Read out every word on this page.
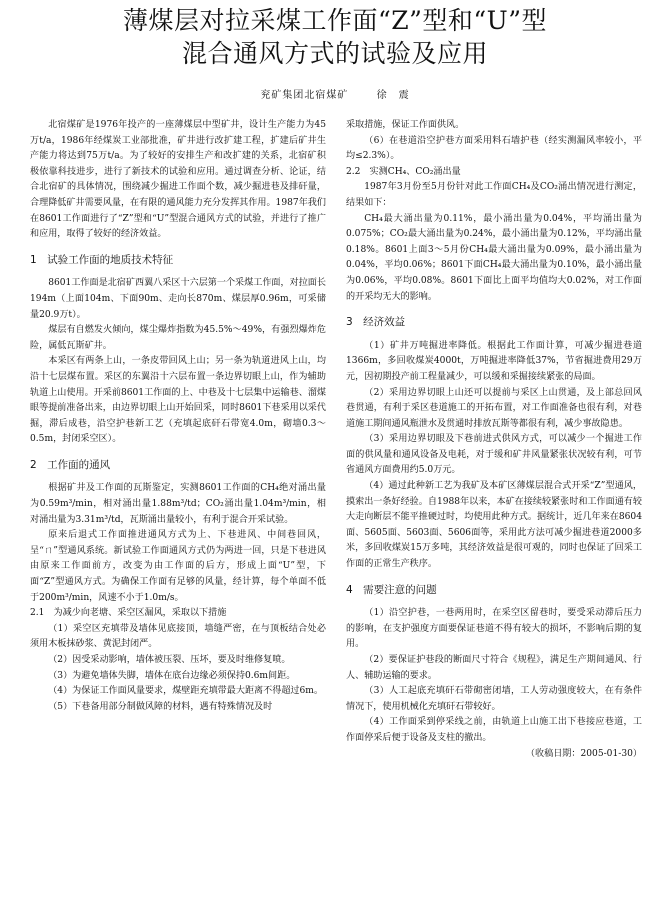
薄煤层对拉采煤工作面“Z”型和“U”型
混合通风方式的试验及应用
兖矿集团北宿煤矿	徐　震

北宿煤矿是1976年投产的一座薄煤层中型矿井，设计生产能力为45万t/a，1986年经煤炭工业部批准，矿井进行改扩建工程，扩建后矿井生产能力将达到75万t/a。为了较好的安排生产和改扩建的关系，北宿矿积极依靠科技进步，进行了新技术的试验和应用。通过调查分析、论证，结合北宿矿的具体情况，围绕减少掘进工作面个数，减少掘进巷及排矸量，合理降低矿井需要风量，在有限的通风能力充分发挥其作用。1987年我们在8601工作面进行了“Z”型和“U”型混合通风方式的试验，并进行了推广和应用，取得了较好的经济效益。

1　试验工作面的地质技术特征

8601工作面是北宿矿西翼八采区十六层第一个采煤工作面，对拉面长194m（上面104m、下面90m、走向长870m、煤层厚0.96m，可采储量20.9万t）。

煤层有自燃发火倾向，煤尘爆炸指数为45.5%～49%，有强烈爆炸危险，属低瓦斯矿井。

本采区有两条上山，一条皮带回风上山；另一条为轨道进风上山，均沿十七层煤布置。采区的东翼沿十六层布置一条边界切眼上山，作为辅助轨道上山使用。开采前8601工作面的上、中巷及十七层集中运输巷、溜煤眼等提前准备出来，由边界切眼上山开始回采，同时8601下巷采用以采代掘，滞后成巷，沿空护巷新工艺（充填起底矸石带宽4.0m，砌墙0.3～0.5m，封闭采空区）。

2　工作面的通风

根据矿井及工作面的瓦斯鉴定，实测8601工作面的CH₄绝对涌出量为0.59m³/min，相对涌出量1.88m³/td；CO₂涌出量1.04m³/min，相对涌出量为3.31m³/td，瓦斯涌出量较小，有利于混合开采试验。

原来后退式工作面推进通风方式为上、下巷进风、中间巷回风，呈“ㄇ”型通风系统。新试验工作面通风方式仍为两进一回，只是下巷进风由原来工作面前方，改变为由工作面的后方，形成上面“U”型，下面“Z”型通风方式。为确保工作面有足够的风量，经计算，每个单面不低于200m³/min，风速不小于1.0m/s。

2.1　为减少向老塘、采空区漏风，采取以下措施

（1）采空区充填带及墙体见底接顶，墙缝严密，在与顶板结合处必须用木板抹砂浆、黄泥封闭严。

（2）因受采动影响，墙体被压裂、压坏，要及时维修复喷。

（3）为避免墙体失脚，墙体在底台边缘必须保持0.6m间距。

（4）为保证工作面风量要求，煤壁距充填带最大距离不得超过6m。

（5）下巷备用部分制做风障的材料，遇有特殊情况及时

采取措施，保证工作面供风。

（6）在巷道沿空护巷方面采用料石墙护巷（经实测漏风率较小，平均≤2.3%）。

2.2　实测CH₄、CO₂涌出量

1987年3月份至5月份针对此工作面CH₄及CO₂涌出情况进行测定，结果如下：

CH₄最大涌出量为0.11%，最小涌出量为0.04%，平均涌出量为0.075%；CO₂最大涌出量为0.24%，最小涌出量为0.12%，平均涌出量0.18%。8601上面3～5月份CH₄最大涌出量为0.09%，最小涌出量为0.04%，平均0.06%；8601下面CH₄最大涌出量为0.10%，最小涌出量为0.06%，平均0.08%。8601下面比上面平均值均大0.02%，对工作面的开采均无大的影响。

3　经济效益

（1）矿井万吨掘进率降低。根据此工作面计算，可减少掘进巷道1366m，多回收煤炭4000t，万吨掘进率降低37%，节省掘进费用29万元，因初期投产前工程量减少，可以缓和采掘接续紧张的局面。

（2）采用边界切眼上山还可以提前与采区上山贯通，及上部总回风巷贯通，有利于采区巷道施工的开拓布置，对工作面准备也很有利，对巷道施工期间通风瓶泄水及贯通时排放瓦斯等都很有利，减少事故隐患。

（3）采用边界切眼及下巷前进式供风方式，可以减少一个掘进工作面的供风量和通风设备及电耗，对于缓和矿井风量紧张状况较有利，可节省通风方面费用约5.0万元。

（4）通过此种新工艺为我矿及本矿区薄煤层混合式开采“Z”型通风，摸索出一条好经验。自1988年以来，本矿在接续较紧张时和工作面通有较大走向断层不能平推硬过时，均使用此种方式。据统计，近几年来在8604面、5605面、5603面、5606面等，采用此方法可减少掘进巷道2000多米，多回收煤炭15万多吨，其经济效益是很可观的，同时也保证了回采工作面的正常生产秩序。

4　需要注意的问题

（1）沿空护巷，一巷两用时，在采空区留巷时，要受采动滞后压力的影响，在支护强度方面要保证巷道不得有较大的损坏，不影响后期的复用。

（2）要保证护巷段的断面尺寸符合《规程》，满足生产期间通风、行人、辅助运输的要求。

（3）人工起底充填矸石带砌密闭墙，工人劳动强度较大，在有条件情况下，使用机械化充填矸石带较好。

（4）工作面采到停采线之前，由轨道上山施工出下巷接应巷道，工作面停采后便于设备及支柱的撤出。

（收稿日期：2005-01-30）
